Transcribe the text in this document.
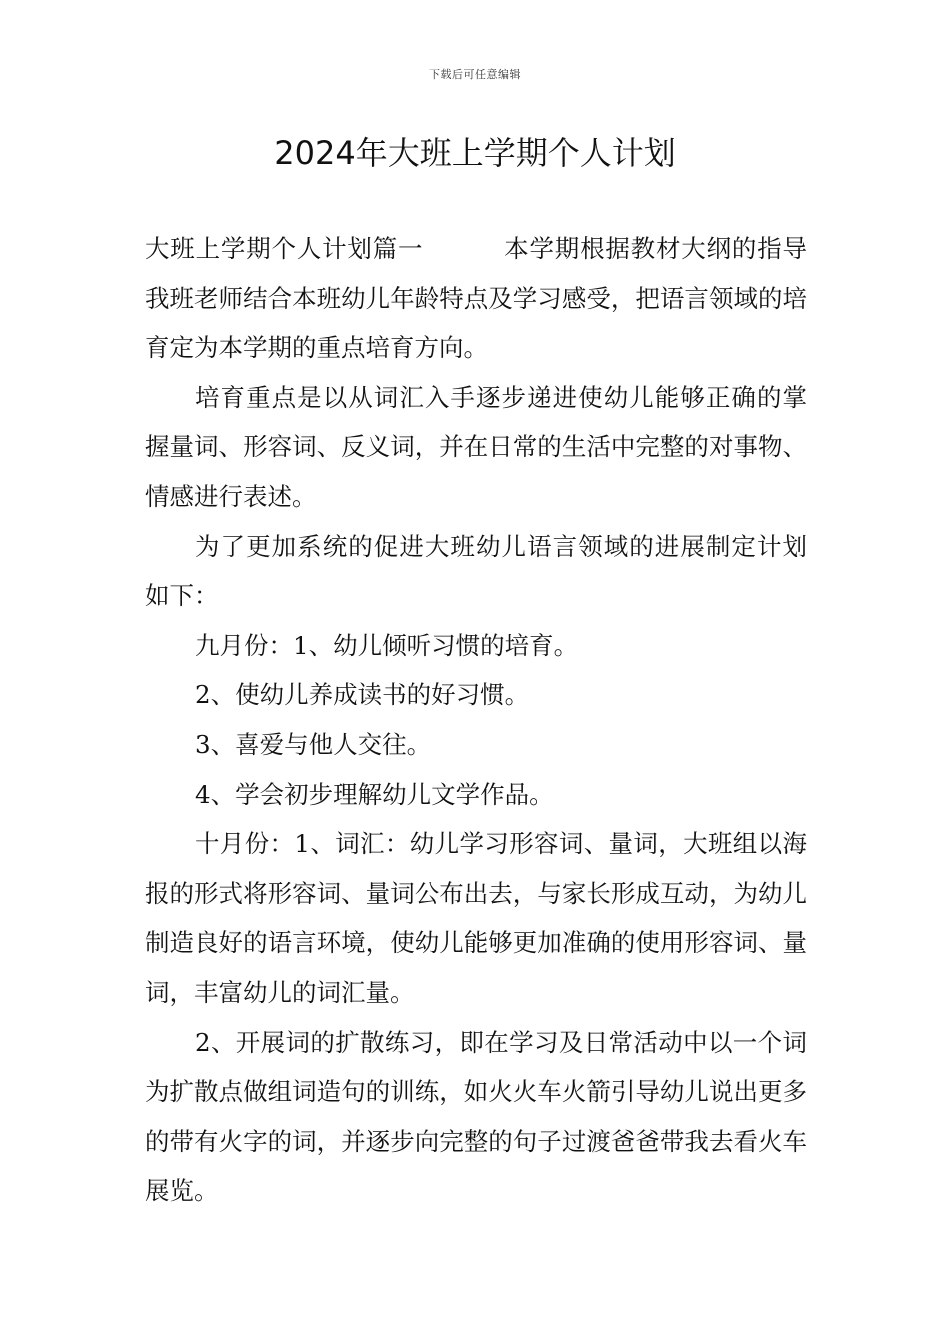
下载后可任意编辑
2024年大班上学期个人计划

大班上学期个人计划篇一	本学期根据教材大纲的指导我班老师结合本班幼儿年龄特点及学习感受，把语言领域的培育定为本学期的重点培育方向。

培育重点是以从词汇入手逐步递进使幼儿能够正确的掌握量词、形容词、反义词，并在日常的生活中完整的对事物、情感进行表述。

为了更加系统的促进大班幼儿语言领域的进展制定计划如下：

九月份：1、幼儿倾听习惯的培育。

2、使幼儿养成读书的好习惯。

3、喜爱与他人交往。

4、学会初步理解幼儿文学作品。

十月份：1、词汇：幼儿学习形容词、量词，大班组以海报的形式将形容词、量词公布出去，与家长形成互动，为幼儿制造良好的语言环境，使幼儿能够更加准确的使用形容词、量词，丰富幼儿的词汇量。

2、开展词的扩散练习，即在学习及日常活动中以一个词为扩散点做组词造句的训练，如火火车火箭引导幼儿说出更多的带有火字的词，并逐步向完整的句子过渡爸爸带我去看火车展览。
